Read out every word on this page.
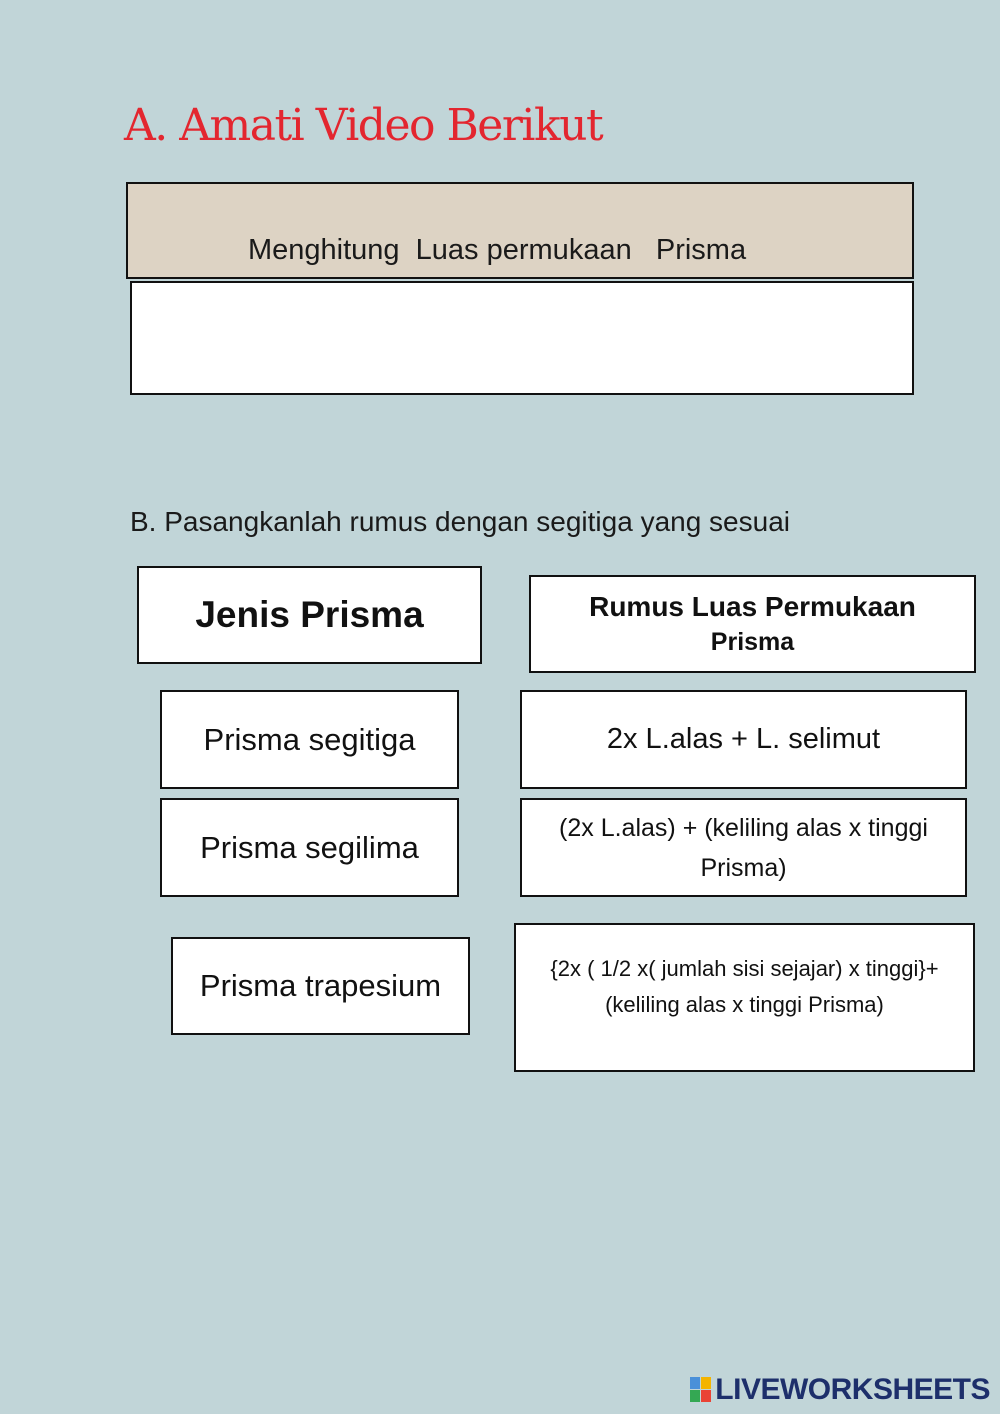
A. Amati Video Berikut
Menghitung  Luas permukaan   Prisma
B. Pasangkanlah rumus dengan segitiga yang sesuai
Jenis Prisma	Rumus Luas Permukaan
Prisma
Prisma segitiga
Prisma segilima
Prisma trapesium
2x L.alas + L. selimut
(2x L.alas) + (keliling alas x tinggi Prisma)
{2x ( 1/2 x( jumlah sisi sejajar) x tinggi}+ (keliling alas x tinggi Prisma)
LIVEWORKSHEETS
